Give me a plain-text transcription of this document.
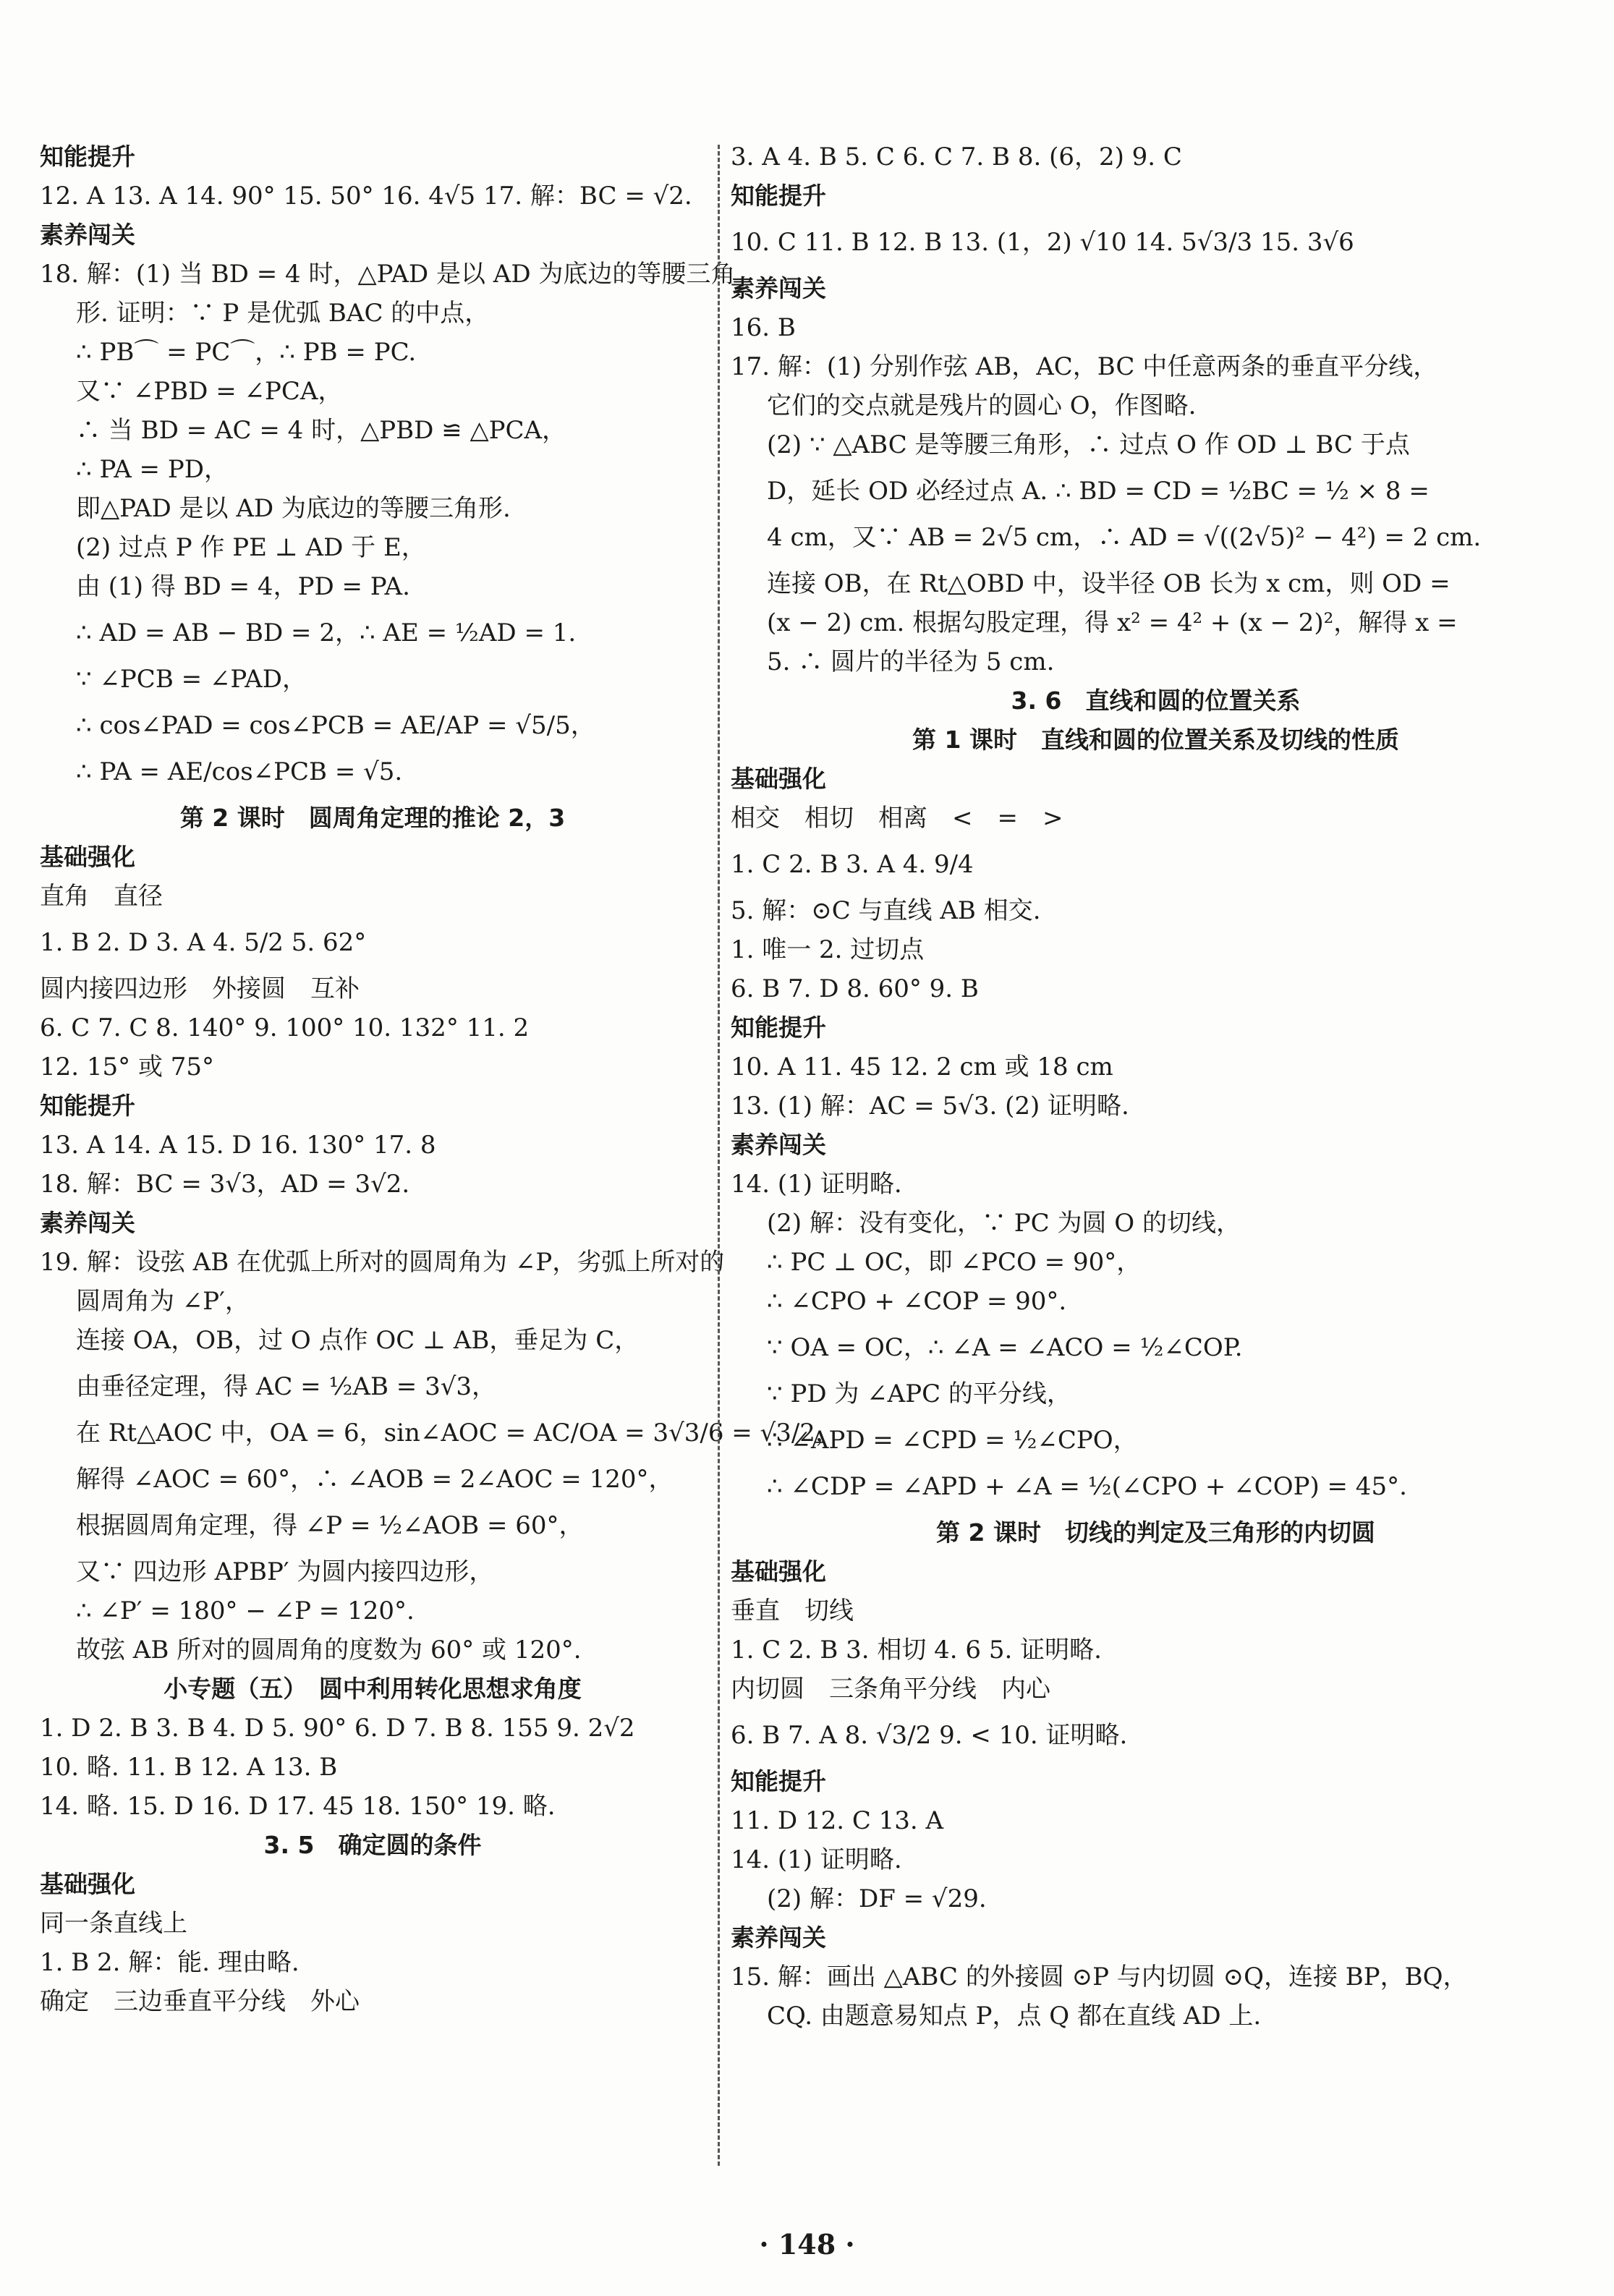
知能提升
12. A 13. A 14. 90° 15. 50° 16. 4√5 17. 解：BC = √2.
素养闯关
18. 解：(1) 当 BD = 4 时，△PAD 是以 AD 为底边的等腰三角
形. 证明：∵ P 是优弧 BAC 的中点，
∴ PB⌒ = PC⌒，∴ PB = PC.
又∵ ∠PBD = ∠PCA，
∴ 当 BD = AC = 4 时，△PBD ≌ △PCA，
∴ PA = PD，
即△PAD 是以 AD 为底边的等腰三角形.
(2) 过点 P 作 PE ⊥ AD 于 E，
由 (1) 得 BD = 4，PD = PA.
∴ AD = AB − BD = 2，∴ AE = ½AD = 1.
∵ ∠PCB = ∠PAD，
∴ cos∠PAD = cos∠PCB = AE/AP = √5/5，
∴ PA = AE/cos∠PCB = √5.
第 2 课时　圆周角定理的推论 2，3
基础强化
直角　直径
1. B 2. D 3. A 4. 5/2 5. 62°
圆内接四边形　外接圆　互补
6. C 7. C 8. 140° 9. 100° 10. 132° 11. 2
12. 15° 或 75°
知能提升
13. A 14. A 15. D 16. 130° 17. 8
18. 解：BC = 3√3，AD = 3√2.
素养闯关
19. 解：设弦 AB 在优弧上所对的圆周角为 ∠P，劣弧上所对的
圆周角为 ∠P′，
连接 OA，OB，过 O 点作 OC ⊥ AB，垂足为 C，
由垂径定理，得 AC = ½AB = 3√3，
在 Rt△AOC 中，OA = 6，sin∠AOC = AC/OA = 3√3/6 = √3/2，
解得 ∠AOC = 60°，∴ ∠AOB = 2∠AOC = 120°，
根据圆周角定理，得 ∠P = ½∠AOB = 60°，
又∵ 四边形 APBP′ 为圆内接四边形，
∴ ∠P′ = 180° − ∠P = 120°.
故弦 AB 所对的圆周角的度数为 60° 或 120°.
小专题（五）　圆中利用转化思想求角度
1. D 2. B 3. B 4. D 5. 90° 6. D 7. B 8. 155 9. 2√2
10. 略. 11. B 12. A 13. B
14. 略. 15. D 16. D 17. 45 18. 150° 19. 略.
3. 5　确定圆的条件
基础强化
同一条直线上
1. B 2. 解：能. 理由略.
确定　三边垂直平分线　外心
3. A 4. B 5. C 6. C 7. B 8. (6，2) 9. C
知能提升
10. C 11. B 12. B 13. (1，2) √10 14. 5√3/3 15. 3√6
素养闯关
16. B
17. 解：(1) 分别作弦 AB，AC，BC 中任意两条的垂直平分线，
它们的交点就是残片的圆心 O，作图略.
(2) ∵ △ABC 是等腰三角形，∴ 过点 O 作 OD ⊥ BC 于点
D，延长 OD 必经过点 A. ∴ BD = CD = ½BC = ½ × 8 =
4 cm，又∵ AB = 2√5 cm，∴ AD = √((2√5)² − 4²) = 2 cm.
连接 OB，在 Rt△OBD 中，设半径 OB 长为 x cm，则 OD =
(x − 2) cm. 根据勾股定理，得 x² = 4² + (x − 2)²，解得 x =
5. ∴ 圆片的半径为 5 cm.
3. 6　直线和圆的位置关系
第 1 课时　直线和圆的位置关系及切线的性质
基础强化
相交　相切　相离　<　=　>
1. C 2. B 3. A 4. 9/4
5. 解：⊙C 与直线 AB 相交.
1. 唯一 2. 过切点
6. B 7. D 8. 60° 9. B
知能提升
10. A 11. 45 12. 2 cm 或 18 cm
13. (1) 解：AC = 5√3. (2) 证明略.
素养闯关
14. (1) 证明略.
(2) 解：没有变化，∵ PC 为圆 O 的切线，
∴ PC ⊥ OC，即 ∠PCO = 90°，
∴ ∠CPO + ∠COP = 90°.
∵ OA = OC，∴ ∠A = ∠ACO = ½∠COP.
∵ PD 为 ∠APC 的平分线，
∴ ∠APD = ∠CPD = ½∠CPO，
∴ ∠CDP = ∠APD + ∠A = ½(∠CPO + ∠COP) = 45°.
第 2 课时　切线的判定及三角形的内切圆
基础强化
垂直　切线
1. C 2. B 3. 相切 4. 6 5. 证明略.
内切圆　三条角平分线　内心
6. B 7. A 8. √3/2 9. < 10. 证明略.
知能提升
11. D 12. C 13. A
14. (1) 证明略.
(2) 解：DF = √29.
素养闯关
15. 解：画出 △ABC 的外接圆 ⊙P 与内切圆 ⊙Q，连接 BP，BQ，
CQ. 由题意易知点 P，点 Q 都在直线 AD 上.
· 148 ·
